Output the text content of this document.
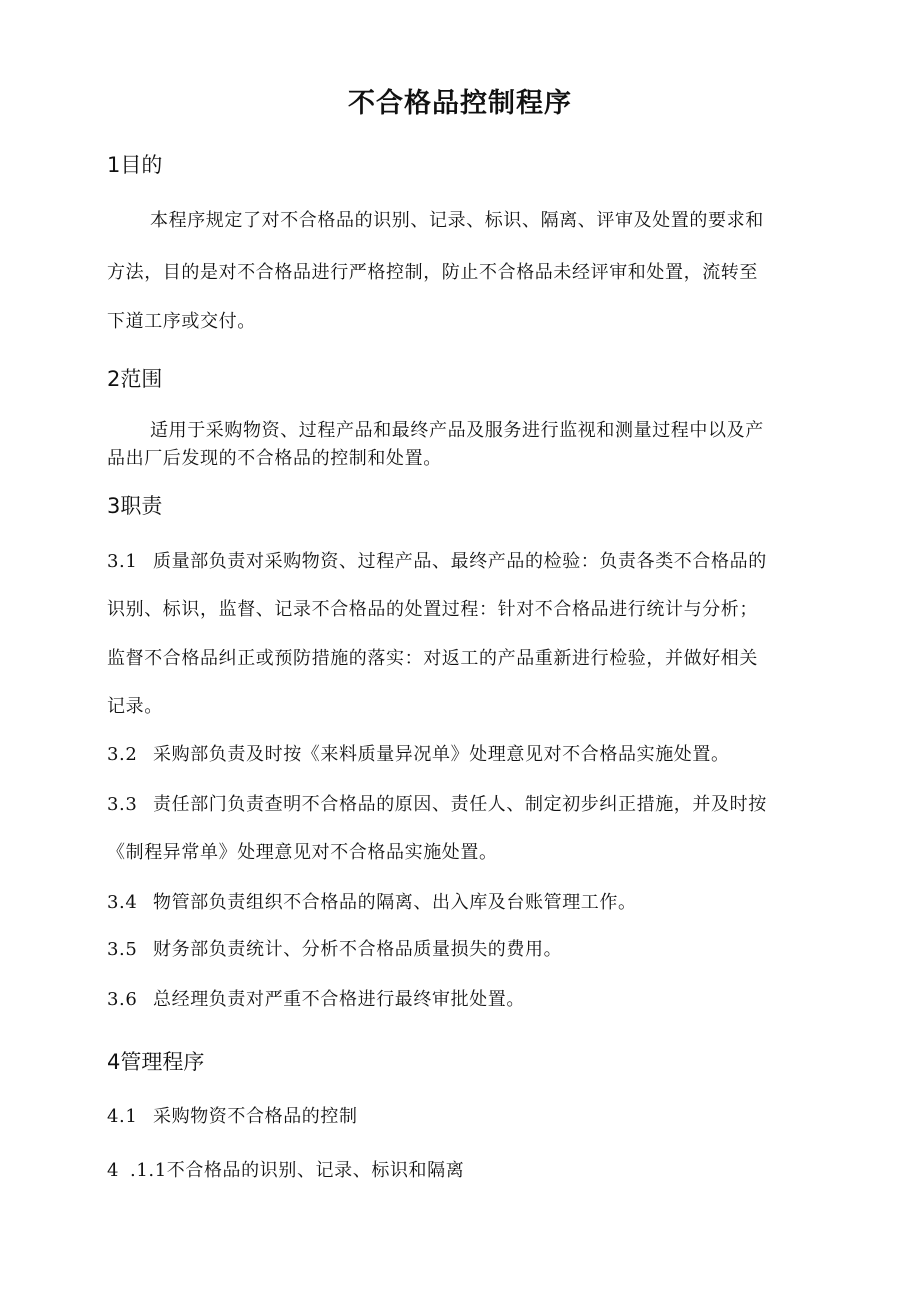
不合格品控制程序
1目的

本程序规定了对不合格品的识别、记录、标识、隔离、评审及处置的要求和

方法，目的是对不合格品进行严格控制，防止不合格品未经评审和处置，流转至

下道工序或交付。

2范围

适用于采购物资、过程产品和最终产品及服务进行监视和测量过程中以及产

品出厂后发现的不合格品的控制和处置。

3职责

3.1 质量部负责对采购物资、过程产品、最终产品的检验：负责各类不合格品的

识别、标识，监督、记录不合格品的处置过程：针对不合格品进行统计与分析；

监督不合格品纠正或预防措施的落实：对返工的产品重新进行检验，并做好相关

记录。

3.2 采购部负责及时按《来料质量异况单》处理意见对不合格品实施处置。

3.3 责任部门负责查明不合格品的原因、责任人、制定初步纠正措施，并及时按

《制程异常单》处理意见对不合格品实施处置。

3.4 物管部负责组织不合格品的隔离、出入库及台账管理工作。

3.5 财务部负责统计、分析不合格品质量损失的费用。

3.6 总经理负责对严重不合格进行最终审批处置。

4管理程序

4.1 采购物资不合格品的控制

4 .1.1不合格品的识别、记录、标识和隔离
